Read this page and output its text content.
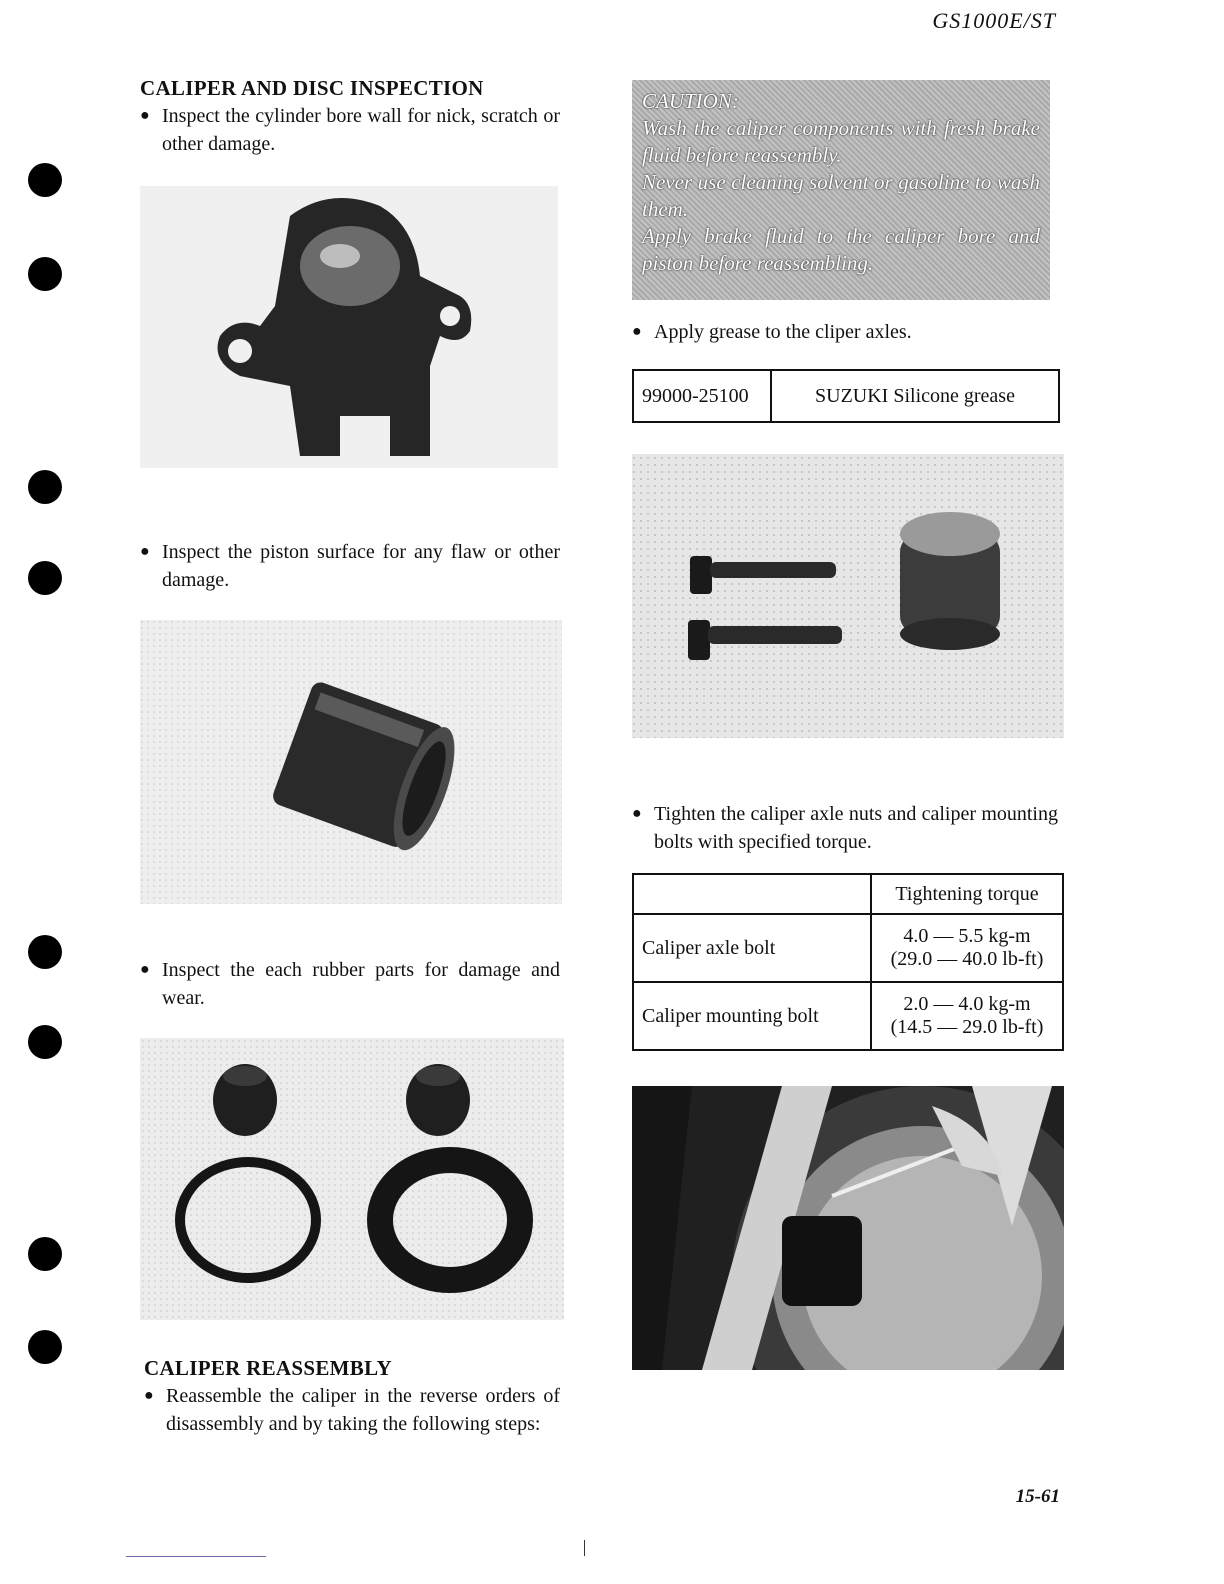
GS1000E/ST
CALIPER AND DISC INSPECTION
● Inspect the cylinder bore wall for nick, scratch or other damage.
● Inspect the piston surface for any flaw or other damage.
● Inspect the each rubber parts for damage and wear.
CALIPER REASSEMBLY
● Reassemble the caliper in the reverse orders of disassembly and by taking the following steps:
CAUTION:
Wash the caliper components with fresh brake fluid before reassembly.
Never use cleaning solvent or gasoline to wash them.
Apply brake fluid to the caliper bore and piston before reassembling.
● Apply grease to the cliper axles.
99000-25100	SUZUKI Silicone grease
● Tighten the caliper axle nuts and caliper mounting bolts with specified torque.
	Tightening torque
Caliper axle bolt	4.0 — 5.5 kg-m
(29.0 — 40.0 lb-ft)

Caliper mounting bolt	2.0 — 4.0 kg-m
(14.5 — 29.0 lb-ft)
15-61
